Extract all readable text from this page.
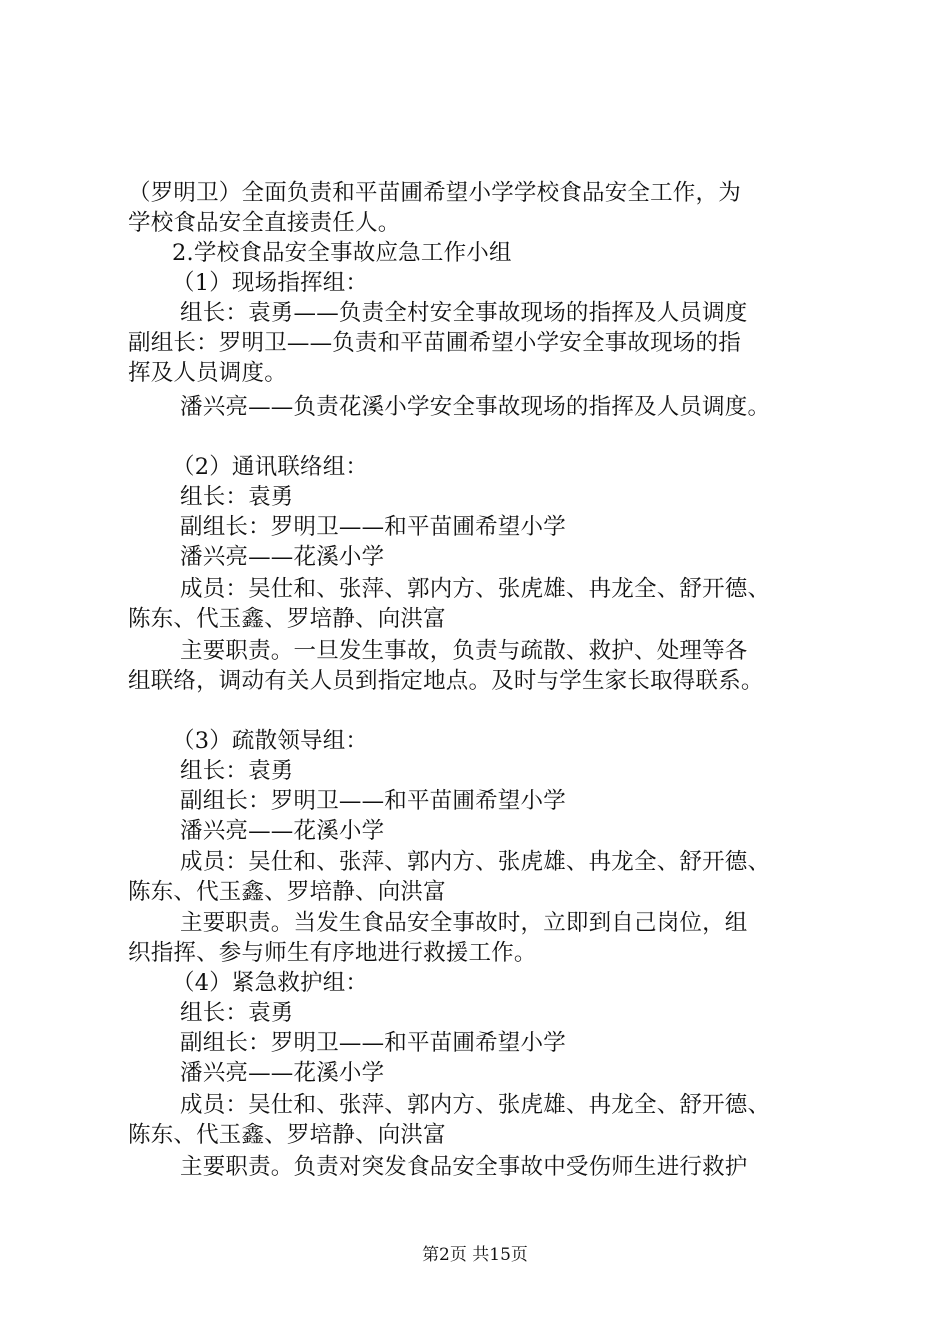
（罗明卫）全面负责和平苗圃希望小学学校食品安全工作，为
学校食品安全直接责任人。
2.学校食品安全事故应急工作小组
（1）现场指挥组：
组长：袁勇——负责全村安全事故现场的指挥及人员调度
副组长：罗明卫——负责和平苗圃希望小学安全事故现场的指
挥及人员调度。
潘兴亮——负责花溪小学安全事故现场的指挥及人员调度。
（2）通讯联络组：
组长：袁勇
副组长：罗明卫——和平苗圃希望小学
潘兴亮——花溪小学
成员：吴仕和、张萍、郭内方、张虎雄、冉龙全、舒开德、
陈东、代玉鑫、罗培静、向洪富
主要职责。一旦发生事故，负责与疏散、救护、处理等各
组联络，调动有关人员到指定地点。及时与学生家长取得联系。
（3）疏散领导组：
组长：袁勇
副组长：罗明卫——和平苗圃希望小学
潘兴亮——花溪小学
成员：吴仕和、张萍、郭内方、张虎雄、冉龙全、舒开德、
陈东、代玉鑫、罗培静、向洪富
主要职责。当发生食品安全事故时，立即到自己岗位，组
织指挥、参与师生有序地进行救援工作。
（4）紧急救护组：
组长：袁勇
副组长：罗明卫——和平苗圃希望小学
潘兴亮——花溪小学
成员：吴仕和、张萍、郭内方、张虎雄、冉龙全、舒开德、
陈东、代玉鑫、罗培静、向洪富
主要职责。负责对突发食品安全事故中受伤师生进行救护
第2页 共15页
